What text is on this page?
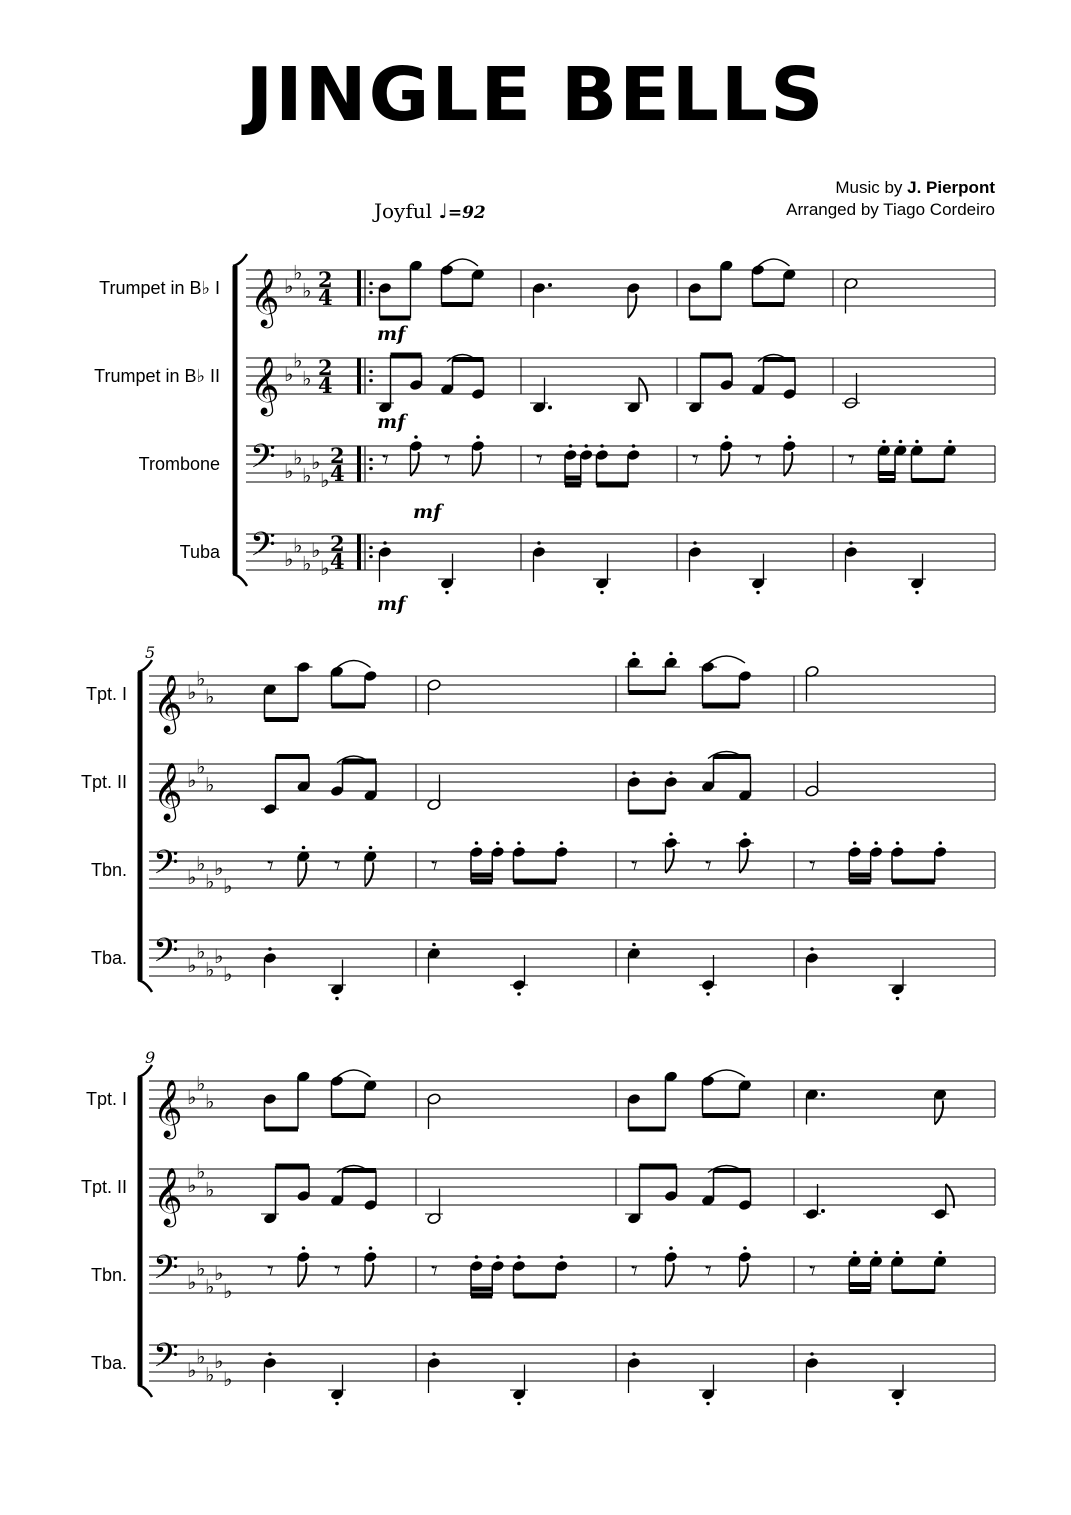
JINGLE BELLS
Music by J. Pierpont
Arranged by Tiago Cordeiro
Joyful ♩=92
Trumpet in B♭ I 𝄞 ♭
♭
♭ 2
4
mf
Trumpet in B♭ II 𝄞 ♭
♭
♭ 2
4
mf
Trombone 𝄢 ♭
♭
♭
♭
♭
2
4 𝄾 𝄾	𝄾	𝄾 𝄾	𝄾
mf
Tuba 𝄢 ♭
♭
♭
♭
♭
2
4
mf
5
Tpt. I 𝄞 ♭
♭
♭
Tpt. II 𝄞 ♭
♭
♭
Tbn. 𝄢 ♭
♭
♭
♭
♭
𝄾 𝄾	𝄾	𝄾	𝄾	𝄾
Tba. 𝄢 ♭
♭
♭
♭
♭
9
Tpt. I 𝄞 ♭
♭
♭
Tpt. II 𝄞 ♭
♭
♭
Tbn. 𝄢 ♭
♭
♭
♭
♭
𝄾 𝄾	𝄾	𝄾	𝄾	𝄾
Tba. 𝄢 ♭
♭
♭
♭
♭
